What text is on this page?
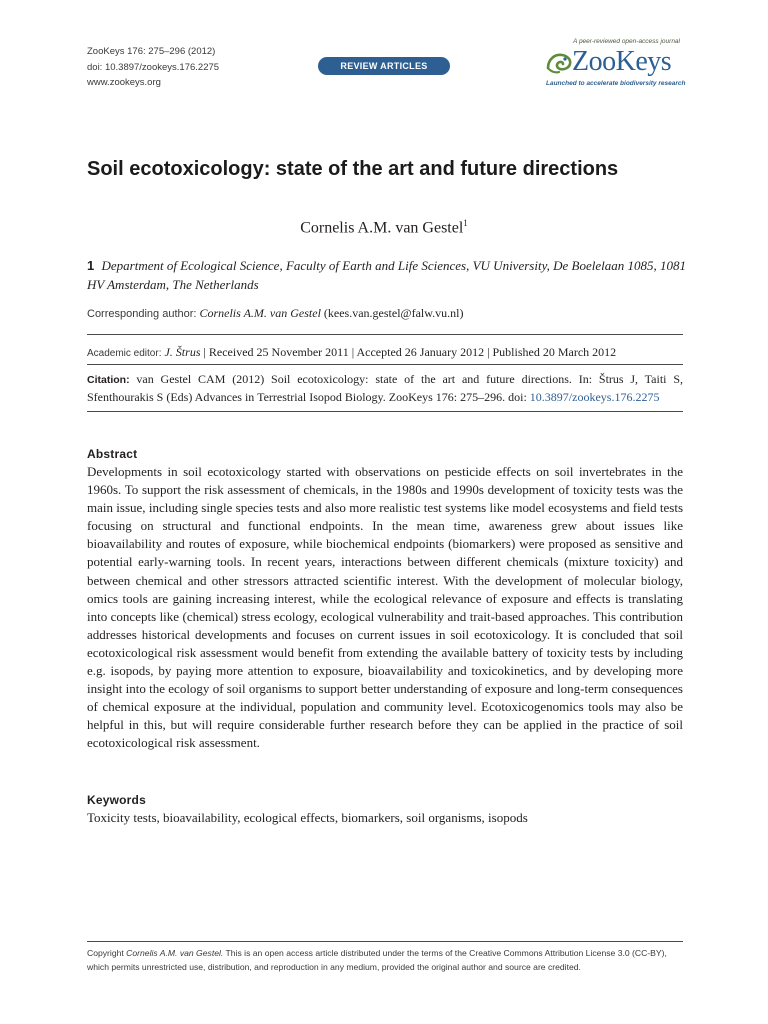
ZooKeys 176: 275–296 (2012)
doi: 10.3897/zookeys.176.2275
www.zookeys.org
REVIEW ARTICLES
A peer-reviewed open-access journal
ZooKeys
Launched to accelerate biodiversity research
Soil ecotoxicology: state of the art and future directions
Cornelis A.M. van Gestel$^1$
1 Department of Ecological Science, Faculty of Earth and Life Sciences, VU University, De Boelelaan 1085, 1081 HV Amsterdam, The Netherlands
Corresponding author: Cornelis A.M. van Gestel (kees.van.gestel@falw.vu.nl)
Academic editor: J. Štrus | Received 25 November 2011 | Accepted 26 January 2012 | Published 20 March 2012
Citation: van Gestel CAM (2012) Soil ecotoxicology: state of the art and future directions. In: Štrus J, Taiti S, Sfenthourakis S (Eds) Advances in Terrestrial Isopod Biology. ZooKeys 176: 275–296. doi: 10.3897/zookeys.176.2275
Abstract
Developments in soil ecotoxicology started with observations on pesticide effects on soil invertebrates in the 1960s. To support the risk assessment of chemicals, in the 1980s and 1990s development of toxicity tests was the main issue, including single species tests and also more realistic test systems like model ecosystems and field tests focusing on structural and functional endpoints. In the mean time, awareness grew about issues like bioavailability and routes of exposure, while biochemical endpoints (biomarkers) were proposed as sensitive and potential early-warning tools. In recent years, interactions between different chemicals (mixture toxicity) and between chemical and other stressors attracted scientific interest. With the development of molecular biology, omics tools are gaining increasing interest, while the ecological relevance of exposure and effects is translating into concepts like (chemical) stress ecology, ecological vulnerability and trait-based approaches. This contribution addresses historical developments and focuses on current issues in soil ecotoxicology. It is concluded that soil ecotoxicological risk assessment would benefit from extending the available battery of toxicity tests by including e.g. isopods, by paying more attention to exposure, bioavailability and toxicokinetics, and by developing more insight into the ecology of soil organisms to support better understanding of exposure and long-term consequences of chemical exposure at the individual, population and community level. Ecotoxicogenomics tools may also be helpful in this, but will require considerable further research before they can be applied in the practice of soil ecotoxicological risk assessment.
Keywords
Toxicity tests, bioavailability, ecological effects, biomarkers, soil organisms, isopods
Copyright Cornelis A.M. van Gestel. This is an open access article distributed under the terms of the Creative Commons Attribution License 3.0 (CC-BY), which permits unrestricted use, distribution, and reproduction in any medium, provided the original author and source are credited.
